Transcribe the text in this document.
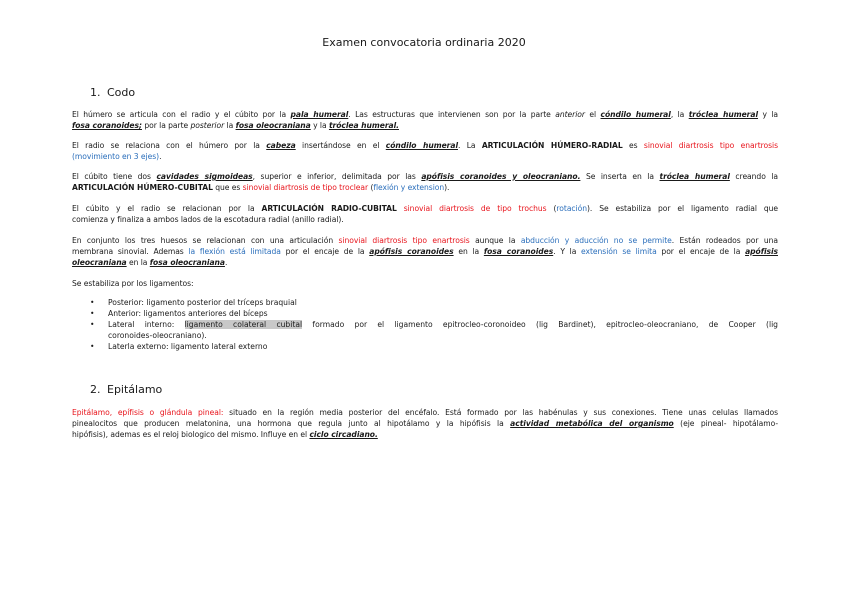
Examen convocatoria ordinaria 2020
1. Codo
El húmero se articula con el radio y el cúbito por la pala humeral. Las estructuras que intervienen son por la parte anterior el cóndilo humeral, la tróclea humeral y la
fosa coranoides; por la parte posterior la fosa oleocraniana y la tróclea humeral.
El radio se relaciona con el húmero por la cabeza insertándose en el cóndilo humeral. La ARTICULACIÓN HÚMERO-RADIAL es sinovial diartrosis tipo enartrosis
(movimiento en 3 ejes).
El cúbito tiene dos cavidades sigmoideas, superior e inferior, delimitada por las apófisis coranoides y oleocraniano. Se inserta en la tróclea humeral creando la
ARTICULACIÓN HÚMERO-CUBITAL que es sinovial diartrosis de tipo troclear (flexión y extension).
El cúbito y el radio se relacionan por la ARTICULACIÓN RADIO-CUBITAL sinovial diartrosis de tipo trochus (rotación). Se estabiliza por el ligamento radial que
comienza y finaliza a ambos lados de la escotadura radial (anillo radial).
En conjunto los tres huesos se relacionan con una articulación sinovial diartrosis tipo enartrosis aunque la abducción y aducción no se permite. Están rodeados por una
membrana sinovial. Ademas la flexión está limitada por el encaje de la apófisis coranoides en la fosa coranoides. Y la extensión se limita por el encaje de la apófisis
oleocraniana en la fosa oleocraniana.
Se estabiliza por los ligamentos:
• Posterior: ligamento posterior del tríceps braquial
• Anterior: ligamentos anteriores del bíceps
• Lateral interno: ligamento colateral cubital formado por el ligamento epitrocleo-coronoideo (lig Bardinet), epitrocleo-oleocraniano, de Cooper (lig
coronoides-oleocraniano).
• Laterla externo: ligamento lateral externo
2. Epitálamo
Epitálamo, epífisis o glándula pineal: situado en la región media posterior del encéfalo. Está formado por las habénulas y sus conexiones. Tiene unas celulas llamados
pinealocitos que producen melatonina, una hormona que regula junto al hipotálamo y la hipófisis la actividad metabólica del organismo (eje pineal- hipotálamo-
hipófisis), ademas es el reloj biologico del mismo. Influye en el ciclo circadiano.
